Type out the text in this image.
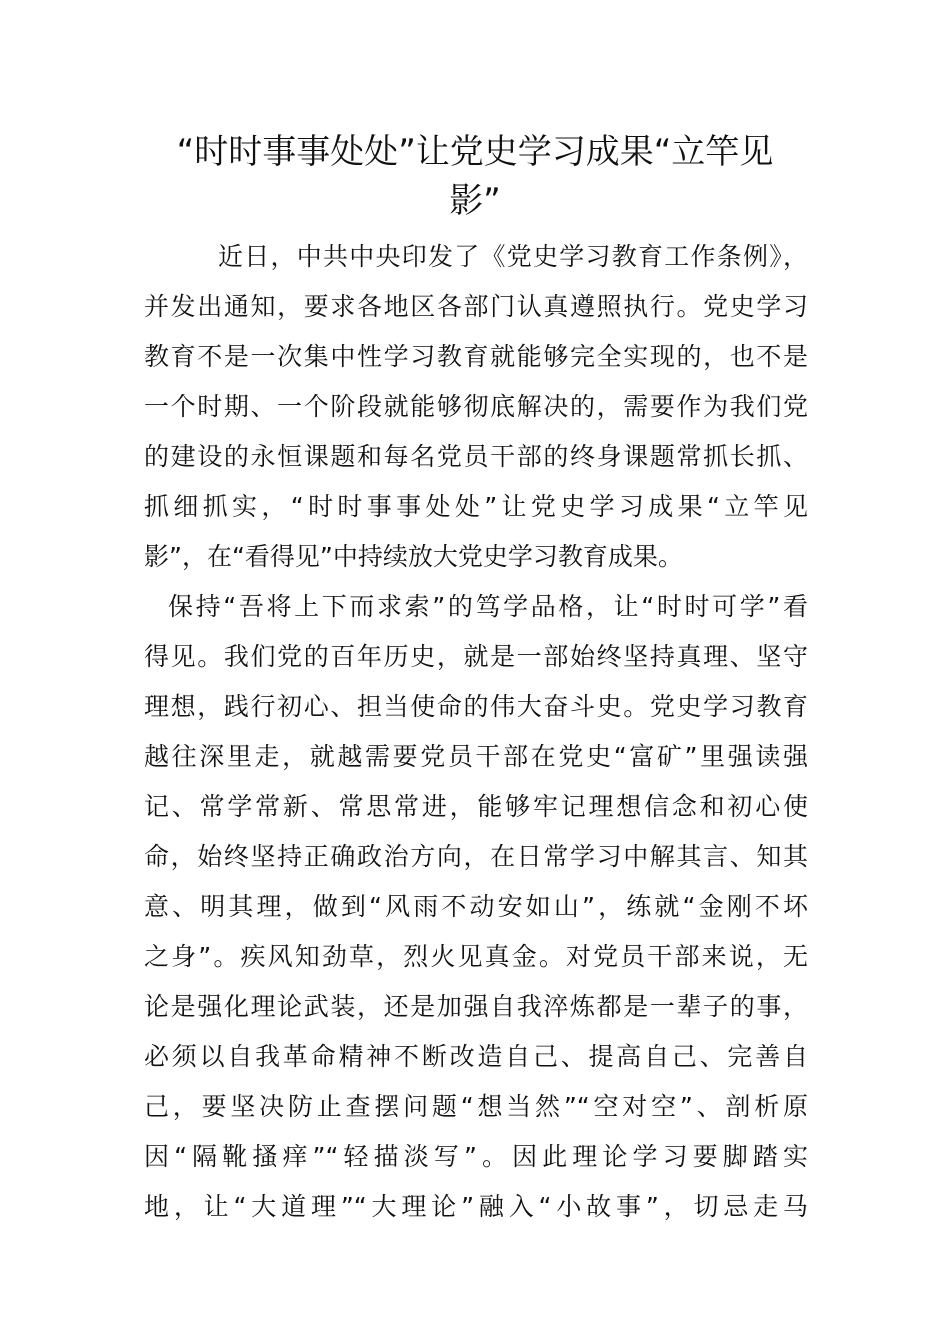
“时时事事处处”让党史学习成果“立竿见
影”
近日，中共中央印发了《党史学习教育工作条例》，
并发出通知，要求各地区各部门认真遵照执行。党史学习
教育不是一次集中性学习教育就能够完全实现的，也不是
一个时期、一个阶段就能够彻底解决的，需要作为我们党
的建设的永恒课题和每名党员干部的终身课题常抓长抓、
抓细抓实，“时时事事处处”让党史学习成果“立竿见
影”，在“看得见”中持续放大党史学习教育成果。
保持“吾将上下而求索”的笃学品格，让“时时可学”看
得见。我们党的百年历史，就是一部始终坚持真理、坚守
理想，践行初心、担当使命的伟大奋斗史。党史学习教育
越往深里走，就越需要党员干部在党史“富矿”里强读强
记、常学常新、常思常进，能够牢记理想信念和初心使
命，始终坚持正确政治方向，在日常学习中解其言、知其
意、明其理，做到“风雨不动安如山”，练就“金刚不坏
之身”。疾风知劲草，烈火见真金。对党员干部来说，无
论是强化理论武装，还是加强自我淬炼都是一辈子的事，
必须以自我革命精神不断改造自己、提高自己、完善自
己，要坚决防止查摆问题“想当然”“空对空”、剖析原
因“隔靴搔痒”“轻描淡写”。因此理论学习要脚踏实
地，让“大道理”“大理论”融入“小故事”，切忌走马
